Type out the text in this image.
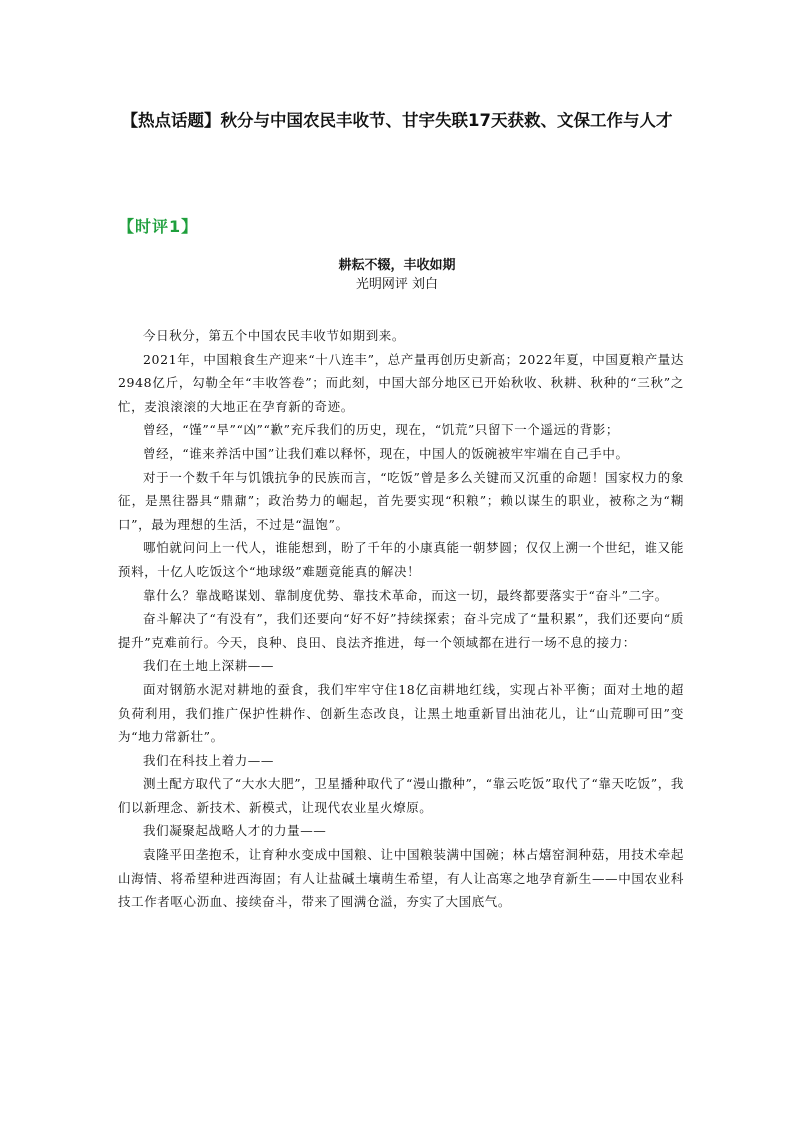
【热点话题】秋分与中国农民丰收节、甘宇失联17天获救、文保工作与人才
【时评1】
耕耘不辍，丰收如期
光明网评 刘白

今日秋分，第五个中国农民丰收节如期到来。

2021年，中国粮食生产迎来“十八连丰”，总产量再创历史新高；2022年夏，中国夏粮产量达2948亿斤，勾勒全年“丰收答卷”；而此刻，中国大部分地区已开始秋收、秋耕、秋种的“三秋”之忙，麦浪滚滚的大地正在孕育新的奇迹。

曾经，“馑”“旱”“凶”“歉”充斥我们的历史，现在，“饥荒”只留下一个遥远的背影；

曾经，“谁来养活中国”让我们难以释怀，现在，中国人的饭碗被牢牢端在自己手中。

对于一个数千年与饥饿抗争的民族而言，“吃饭”曾是多么关键而又沉重的命题！国家权力的象征，是黑往器具“鼎鼐”；政治势力的崛起，首先要实现“积粮”；赖以谋生的职业，被称之为“糊口”，最为理想的生活，不过是“温饱”。

哪怕就问问上一代人，谁能想到，盼了千年的小康真能一朝梦圆；仅仅上溯一个世纪，谁又能预料，十亿人吃饭这个“地球级”难题竟能真的解决！

靠什么？靠战略谋划、靠制度优势、靠技术革命，而这一切，最终都要落实于“奋斗”二字。

奋斗解决了“有没有”，我们还要向“好不好”持续探索；奋斗完成了“量积累”，我们还要向“质提升”克难前行。今天，良种、良田、良法齐推进，每一个领域都在进行一场不息的接力：

我们在土地上深耕——

面对钢筋水泥对耕地的蚕食，我们牢牢守住18亿亩耕地红线，实现占补平衡；面对土地的超负荷利用，我们推广保护性耕作、创新生态改良，让黑土地重新冒出油花儿，让“山荒聊可田”变为“地力常新壮”。

我们在科技上着力——

测土配方取代了“大水大肥”，卫星播种取代了“漫山撒种”，“靠云吃饭”取代了“靠天吃饭”，我们以新理念、新技术、新模式，让现代农业星火燎原。

我们凝聚起战略人才的力量——

袁隆平田垄抱禾，让育种水变成中国粮、让中国粮装满中国碗；林占熺窑洞种菇，用技术牵起山海情、将希望种进西海固；有人让盐碱土壤萌生希望，有人让高寒之地孕育新生——中国农业科技工作者呕心沥血、接续奋斗，带来了囤满仓溢，夯实了大国底气。
